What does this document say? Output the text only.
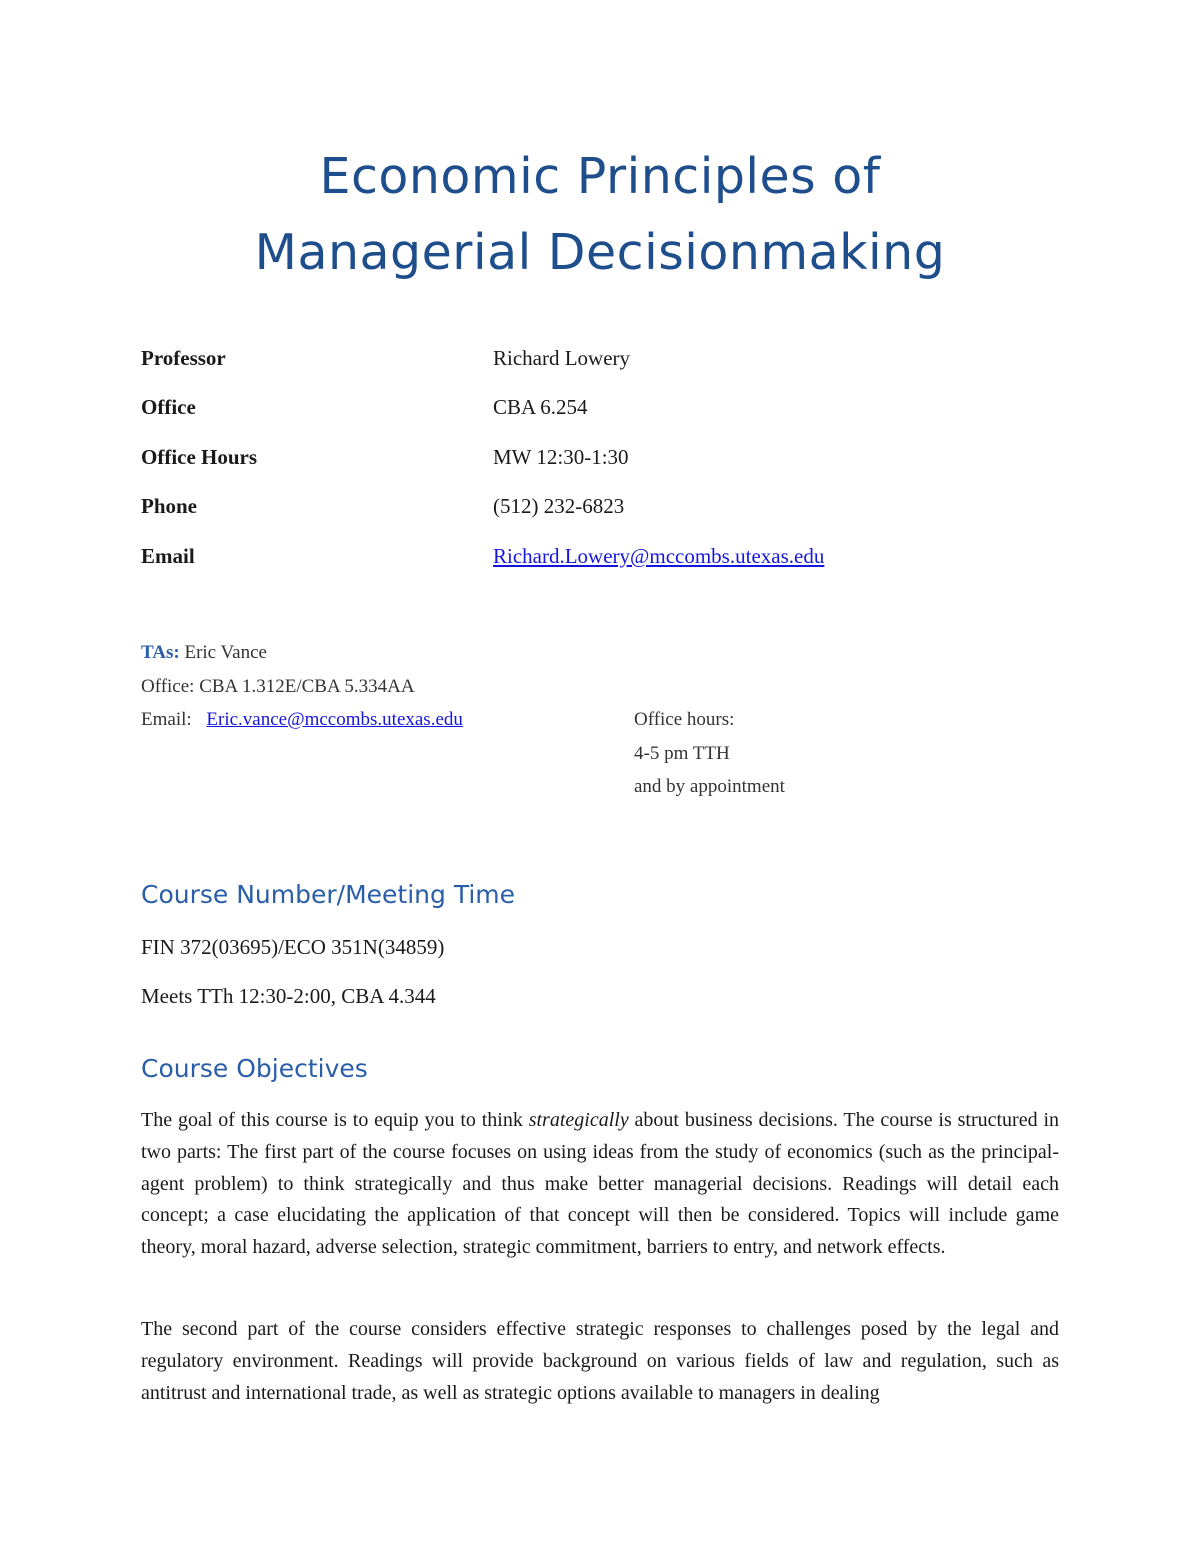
Economic Principles of
Managerial Decisionmaking
Professor	Richard Lowery
Office	CBA 6.254
Office Hours	MW 12:30-1:30
Phone	(512) 232-6823
Email	Richard.Lowery@mccombs.utexas.edu
TAs: Eric Vance
Office: CBA 1.312E/CBA 5.334AA
Email: Eric.vance@mccombs.utexas.edu	Office hours:
4-5 pm TTH
and by appointment
Course Number/Meeting Time
FIN 372(03695)/ECO 351N(34859)
Meets TTh 12:30-2:00, CBA 4.344
Course Objectives
The goal of this course is to equip you to think strategically about business decisions. The course is structured in two parts: The first part of the course focuses on using ideas from the study of economics (such as the principal-agent problem) to think strategically and thus make better managerial decisions. Readings will detail each concept; a case elucidating the application of that concept will then be considered. Topics will include game theory, moral hazard, adverse selection, strategic commitment, barriers to entry, and network effects.
The second part of the course considers effective strategic responses to challenges posed by the legal and regulatory environment. Readings will provide background on various fields of law and regulation, such as antitrust and international trade, as well as strategic options available to managers in dealing
